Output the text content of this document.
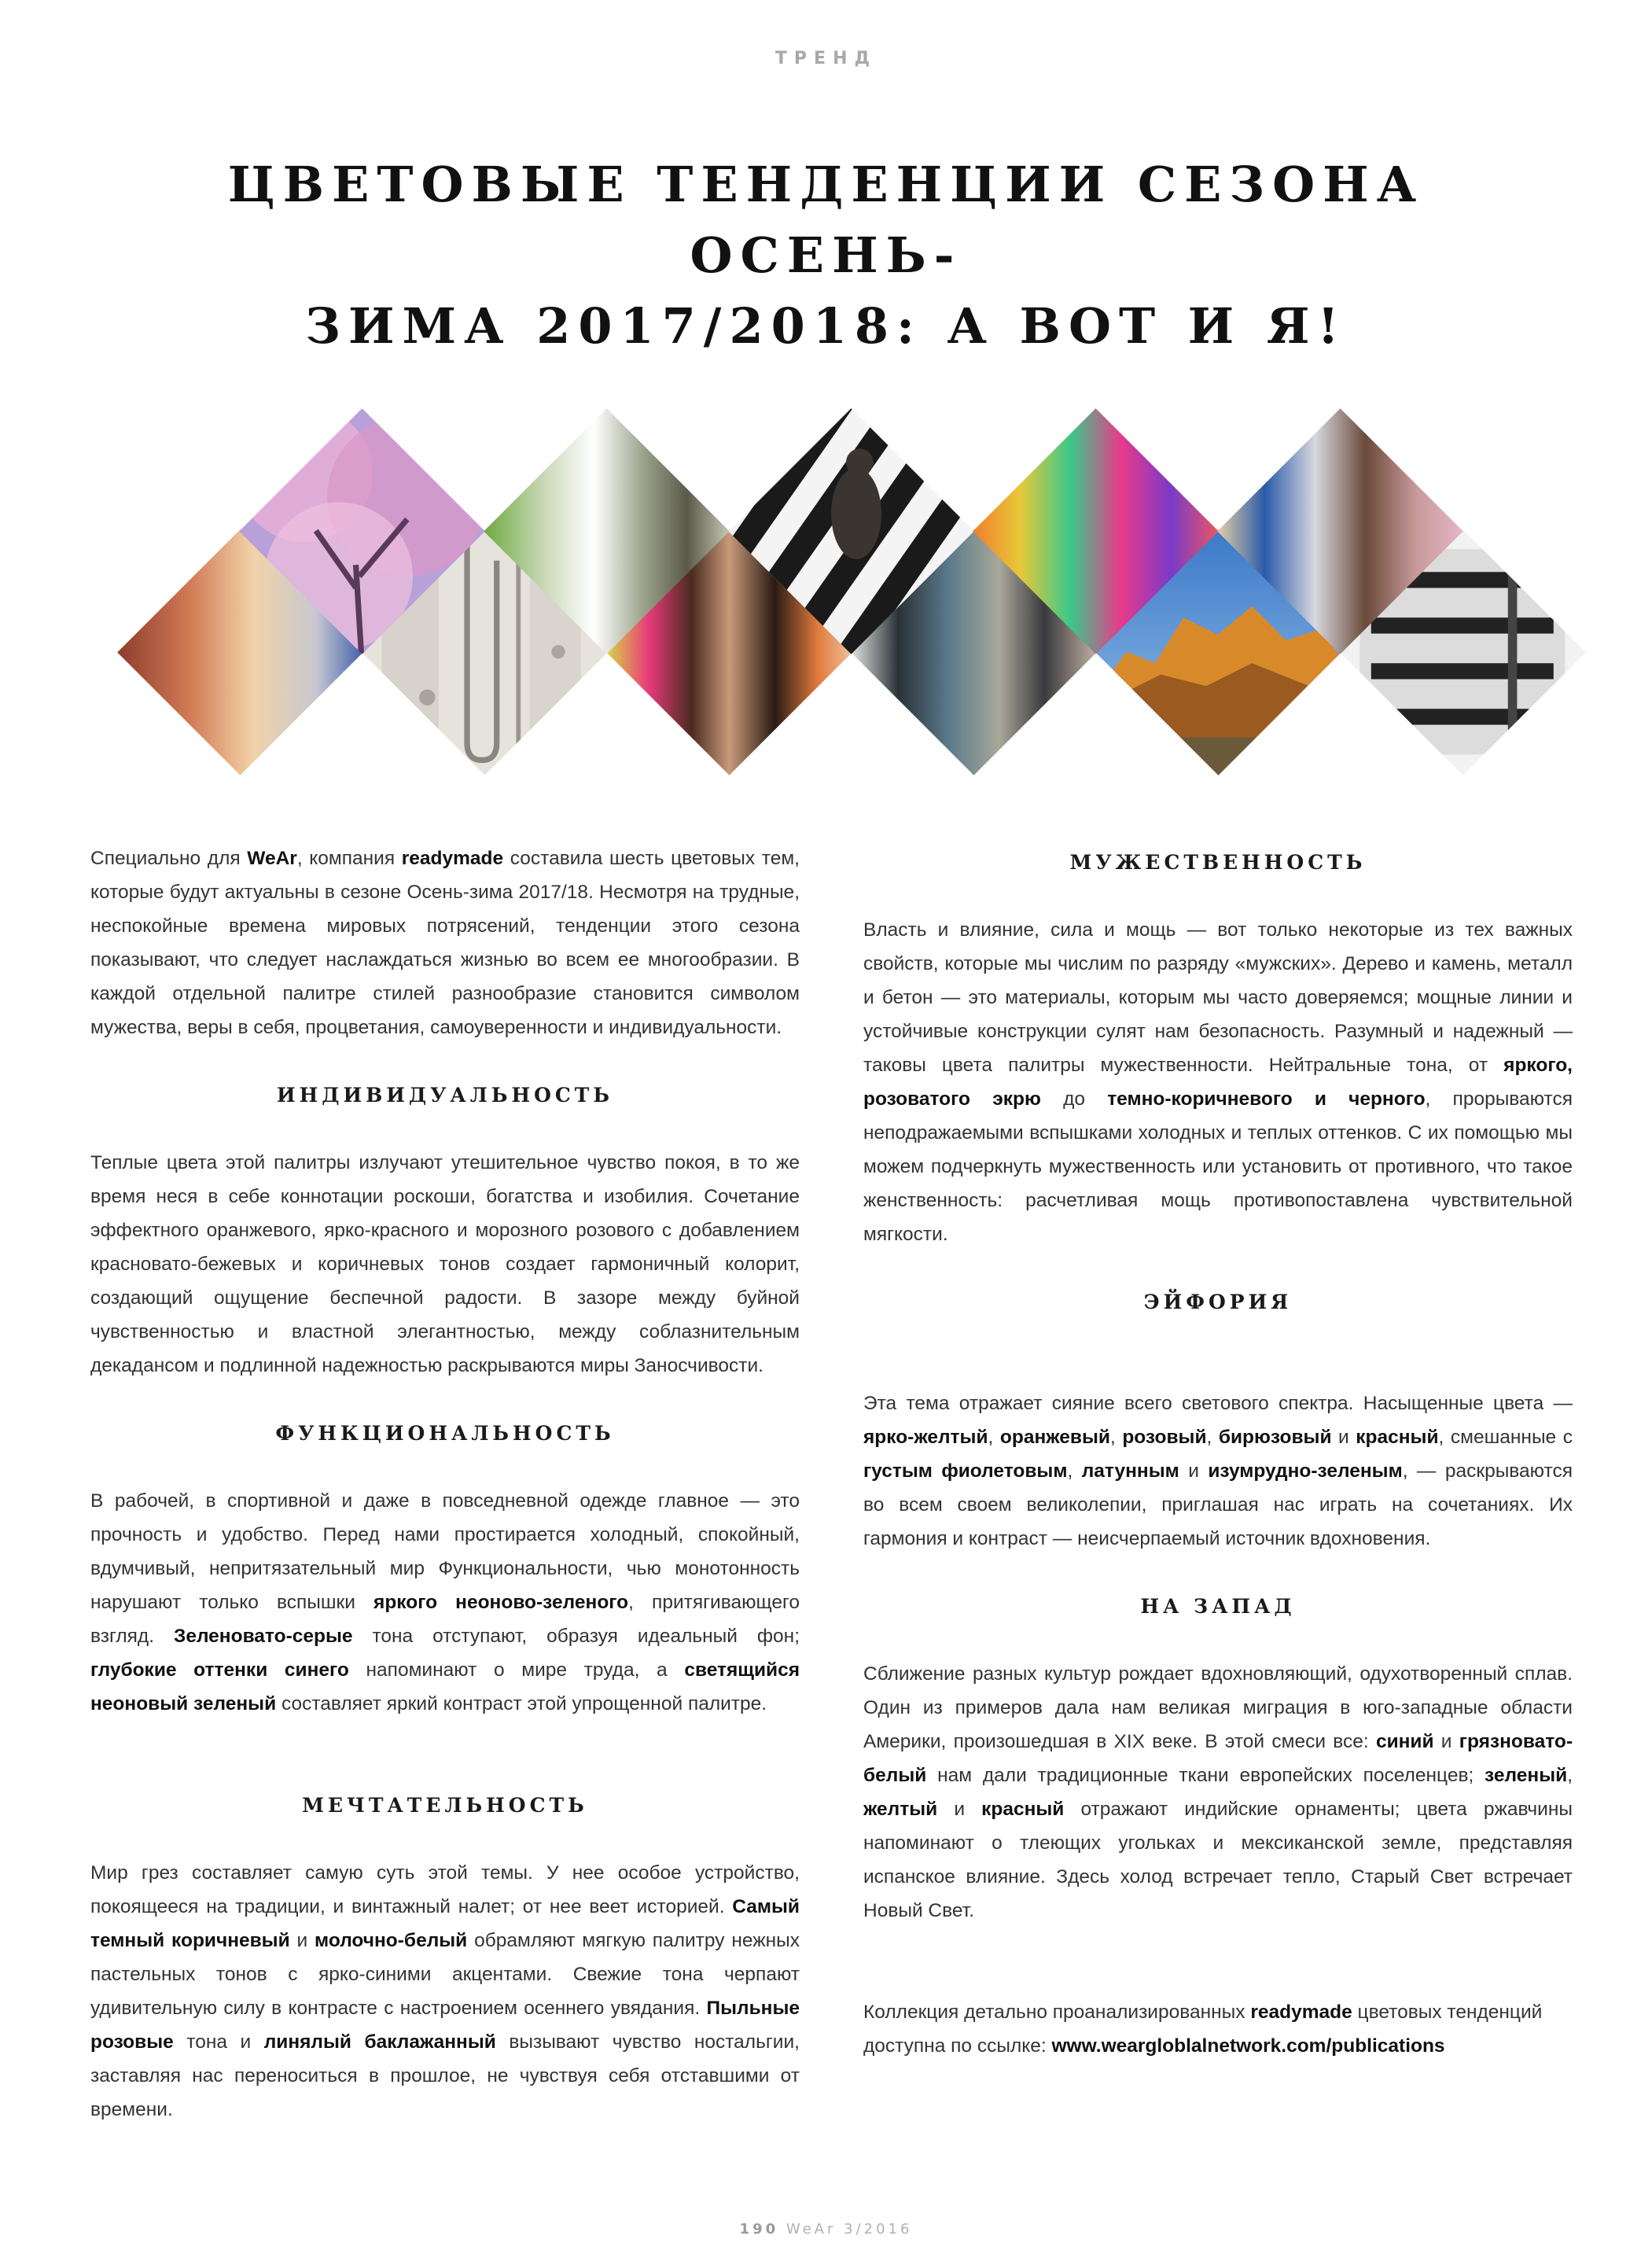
ТРЕНД
ЦВЕТОВЫЕ ТЕНДЕНЦИИ СЕЗОНА ОСЕНЬ-
ЗИМА 2017/2018: А ВОТ И Я!

Специально для WeAr, компания readymade составила шесть цветовых тем, которые будут актуальны в сезоне Осень-зима 2017/18. Несмотря на трудные, неспокойные времена мировых потрясений, тенденции этого сезона показывают, что следует наслаждаться жизнью во всем ее многообразии. В каждой отдельной палитре стилей разнообразие становится символом мужества, веры в себя, процветания, самоуверенности и индивидуальности.

ИНДИВИДУАЛЬНОСТЬ

Теплые цвета этой палитры излучают утешительное чувство покоя, в то же время неся в себе коннотации роскоши, богатства и изобилия. Сочетание эффектного оранжевого, ярко-красного и морозного розового с добавлением красновато-бежевых и коричневых тонов создает гармоничный колорит, создающий ощущение беспечной радости. В зазоре между буйной чувственностью и властной элегантностью, между соблазнительным декадансом и подлинной надежностью раскрываются миры Заносчивости.

ФУНКЦИОНАЛЬНОСТЬ

В рабочей, в спортивной и даже в повседневной одежде главное — это прочность и удобство. Перед нами простирается холодный, спокойный, вдумчивый, непритязательный мир Функциональности, чью монотонность нарушают только вспышки яркого неоново-зеленого, притягивающего взгляд. Зеленовато-серые тона отступают, образуя идеальный фон; глубокие оттенки синего напоминают о мире труда, а светящийся неоновый зеленый составляет яркий контраст этой упрощенной палитре.

МЕЧТАТЕЛЬНОСТЬ

Мир грез составляет самую суть этой темы. У нее особое устройство, покоящееся на традиции, и винтажный налет; от нее веет историей. Самый темный коричневый и молочно-белый обрамляют мягкую палитру нежных пастельных тонов с ярко-синими акцентами. Свежие тона черпают удивительную силу в контрасте с настроением осеннего увядания. Пыльные розовые тона и линялый баклажанный вызывают чувство ностальгии, заставляя нас переноситься в прошлое, не чувствуя себя отставшими от времени.

МУЖЕСТВЕННОСТЬ

Власть и влияние, сила и мощь — вот только некоторые из тех важных свойств, которые мы числим по разряду «мужских». Дерево и камень, металл и бетон — это материалы, которым мы часто доверяемся; мощные линии и устойчивые конструкции сулят нам безопасность. Разумный и надежный — таковы цвета палитры мужественности. Нейтральные тона, от яркого, розоватого экрю до темно-коричневого и черного, прорываются неподражаемыми вспышками холодных и теплых оттенков. С их помощью мы можем подчеркнуть мужественность или установить от противного, что такое женственность: расчетливая мощь противопоставлена чувствительной мягкости.

ЭЙФОРИЯ

Эта тема отражает сияние всего светового спектра. Насыщенные цвета — ярко-желтый, оранжевый, розовый, бирюзовый и красный, смешанные с густым фиолетовым, латунным и изумрудно-зеленым, — раскрываются во всем своем великолепии, приглашая нас играть на сочетаниях. Их гармония и контраст — неисчерпаемый источник вдохновения.

НА ЗАПАД

Сближение разных культур рождает вдохновляющий, одухотворенный сплав. Один из примеров дала нам великая миграция в юго-западные области Америки, произошедшая в XIX веке. В этой смеси все: синий и грязновато-белый нам дали традиционные ткани европейских поселенцев; зеленый, желтый и красный отражают индийские орнаменты; цвета ржавчины напоминают о тлеющих угольках и мексиканской земле, представляя испанское влияние. Здесь холод встречает тепло, Старый Свет встречает Новый Свет.

Коллекция детально проанализированных readymade цветовых тенденций доступна по ссылке: www.weargloblalnetwork.com/publications

190 WeAr 3/2016
